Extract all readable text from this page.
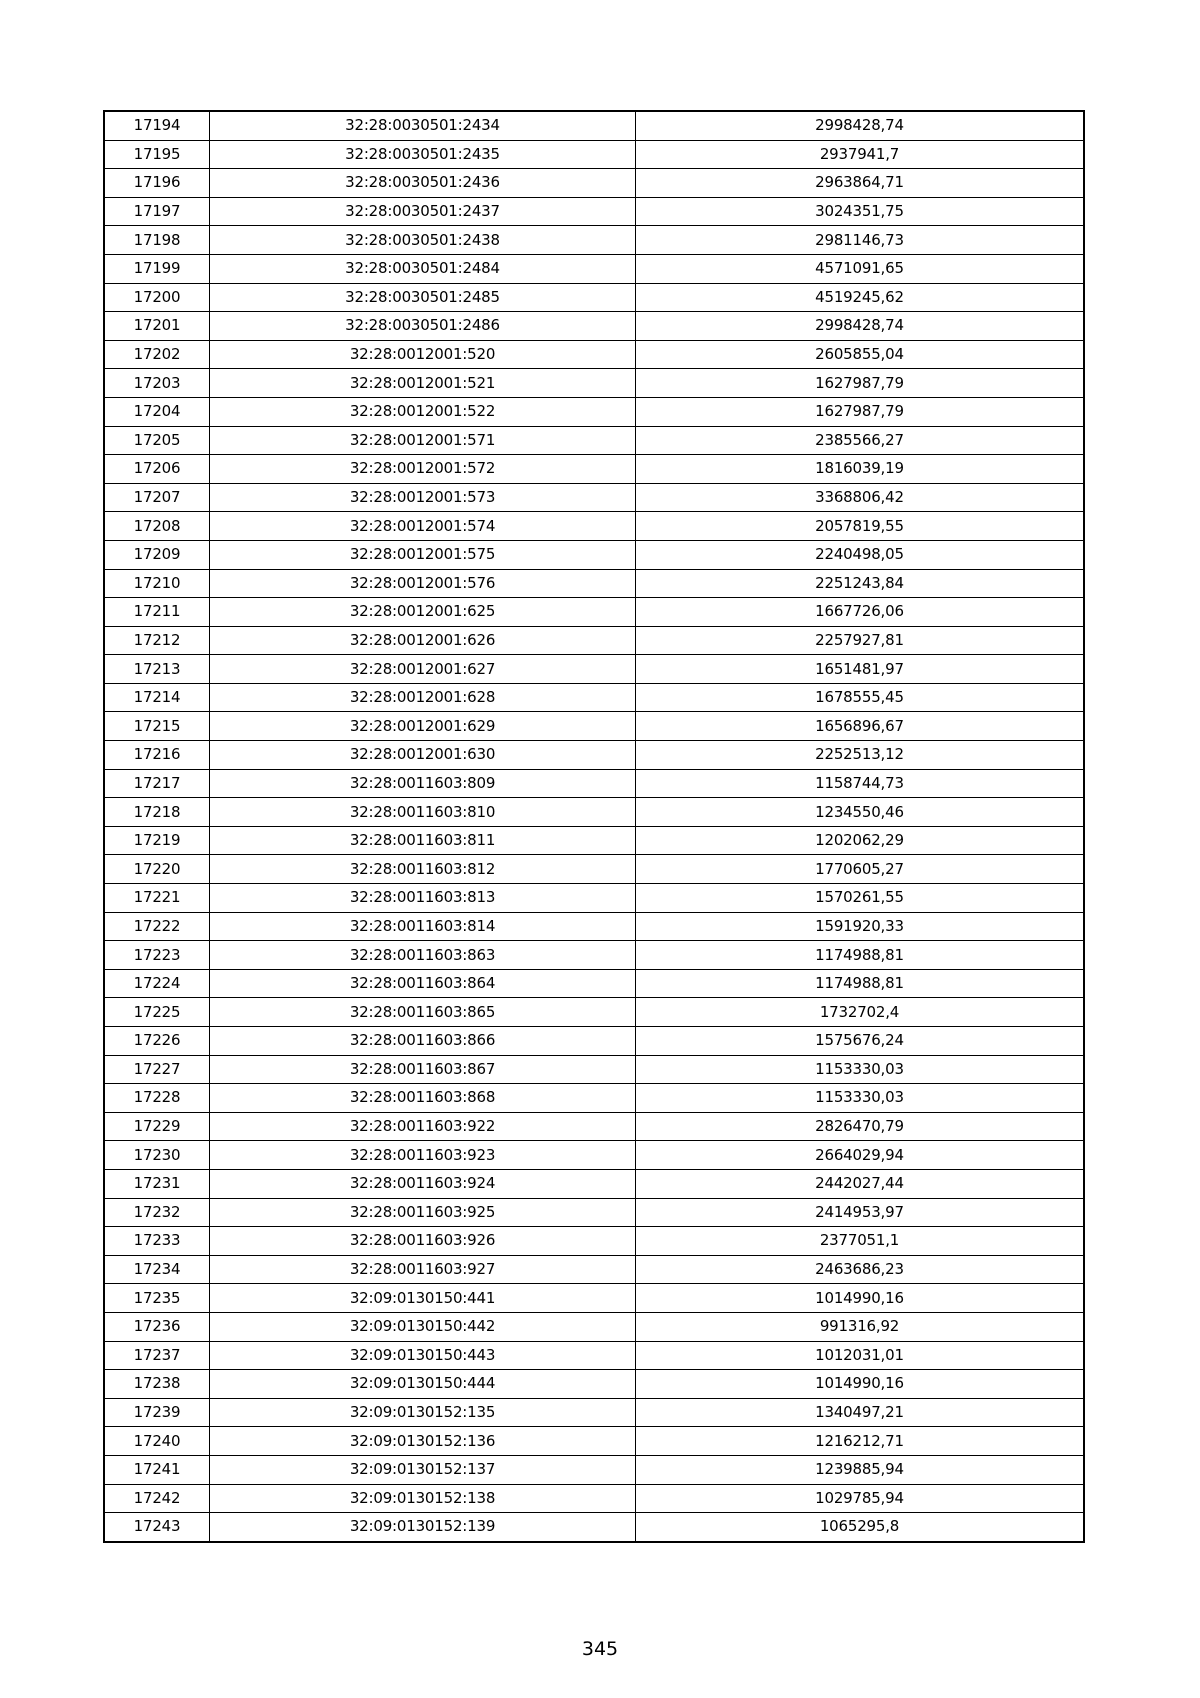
17194	32:28:0030501:2434	2998428,74
17195	32:28:0030501:2435	2937941,7
17196	32:28:0030501:2436	2963864,71
17197	32:28:0030501:2437	3024351,75
17198	32:28:0030501:2438	2981146,73
17199	32:28:0030501:2484	4571091,65
17200	32:28:0030501:2485	4519245,62
17201	32:28:0030501:2486	2998428,74
17202	32:28:0012001:520	2605855,04
17203	32:28:0012001:521	1627987,79
17204	32:28:0012001:522	1627987,79
17205	32:28:0012001:571	2385566,27
17206	32:28:0012001:572	1816039,19
17207	32:28:0012001:573	3368806,42
17208	32:28:0012001:574	2057819,55
17209	32:28:0012001:575	2240498,05
17210	32:28:0012001:576	2251243,84
17211	32:28:0012001:625	1667726,06
17212	32:28:0012001:626	2257927,81
17213	32:28:0012001:627	1651481,97
17214	32:28:0012001:628	1678555,45
17215	32:28:0012001:629	1656896,67
17216	32:28:0012001:630	2252513,12
17217	32:28:0011603:809	1158744,73
17218	32:28:0011603:810	1234550,46
17219	32:28:0011603:811	1202062,29
17220	32:28:0011603:812	1770605,27
17221	32:28:0011603:813	1570261,55
17222	32:28:0011603:814	1591920,33
17223	32:28:0011603:863	1174988,81
17224	32:28:0011603:864	1174988,81
17225	32:28:0011603:865	1732702,4
17226	32:28:0011603:866	1575676,24
17227	32:28:0011603:867	1153330,03
17228	32:28:0011603:868	1153330,03
17229	32:28:0011603:922	2826470,79
17230	32:28:0011603:923	2664029,94
17231	32:28:0011603:924	2442027,44
17232	32:28:0011603:925	2414953,97
17233	32:28:0011603:926	2377051,1
17234	32:28:0011603:927	2463686,23
17235	32:09:0130150:441	1014990,16
17236	32:09:0130150:442	991316,92
17237	32:09:0130150:443	1012031,01
17238	32:09:0130150:444	1014990,16
17239	32:09:0130152:135	1340497,21
17240	32:09:0130152:136	1216212,71
17241	32:09:0130152:137	1239885,94
17242	32:09:0130152:138	1029785,94
17243	32:09:0130152:139	1065295,8
345
